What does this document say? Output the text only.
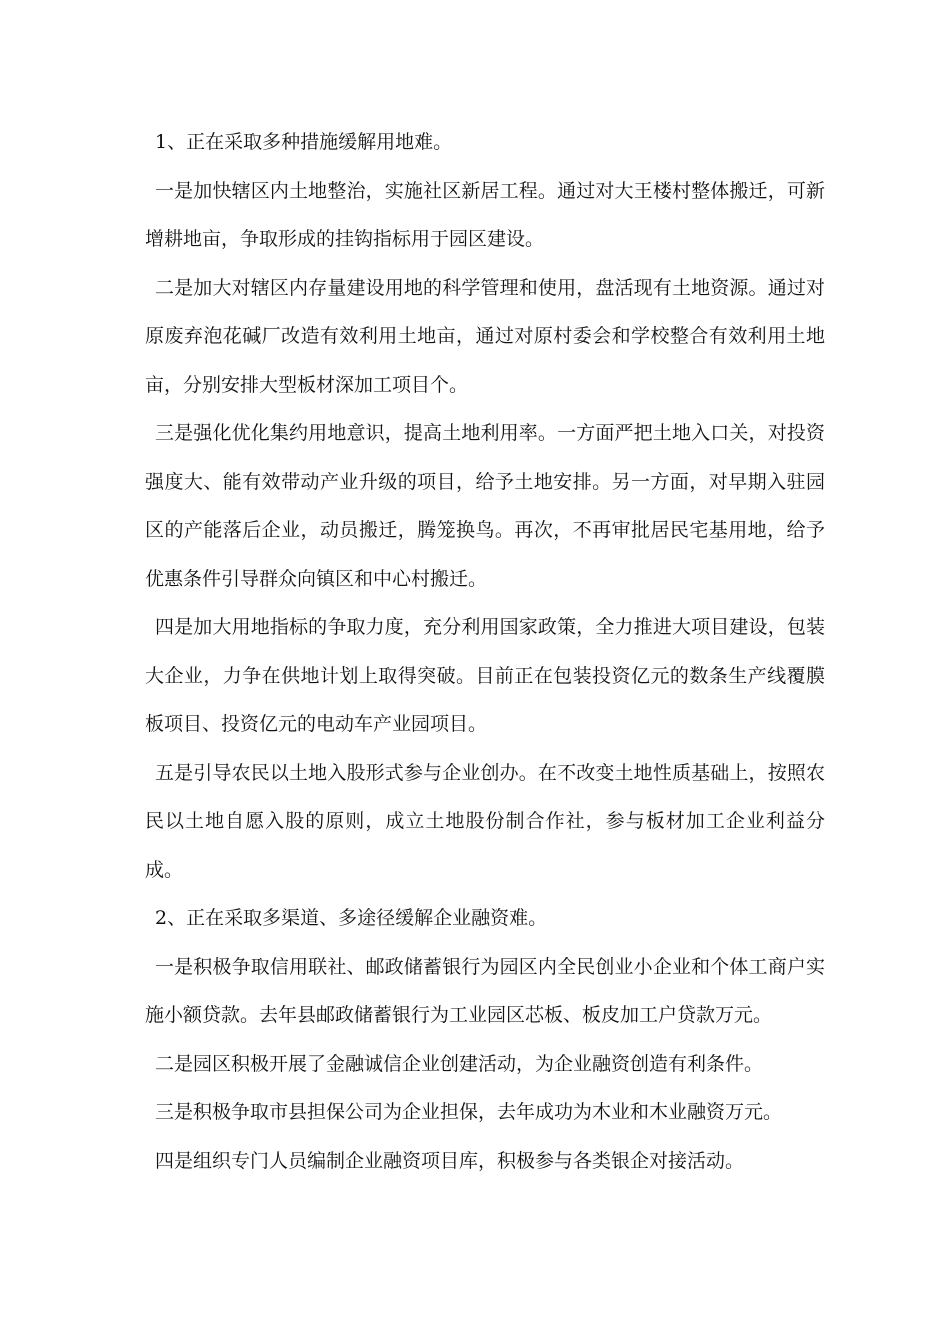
1、正在采取多种措施缓解用地难。

一是加快辖区内土地整治，实施社区新居工程。通过对大王楼村整体搬迁，可新增耕地亩，争取形成的挂钩指标用于园区建设。

二是加大对辖区内存量建设用地的科学管理和使用，盘活现有土地资源。通过对原废弃泡花碱厂改造有效利用土地亩，通过对原村委会和学校整合有效利用土地亩，分别安排大型板材深加工项目个。

三是强化优化集约用地意识，提高土地利用率。一方面严把土地入口关，对投资强度大、能有效带动产业升级的项目，给予土地安排。另一方面，对早期入驻园区的产能落后企业，动员搬迁，腾笼换鸟。再次，不再审批居民宅基用地，给予优惠条件引导群众向镇区和中心村搬迁。

四是加大用地指标的争取力度，充分利用国家政策，全力推进大项目建设，包装大企业，力争在供地计划上取得突破。目前正在包装投资亿元的数条生产线覆膜板项目、投资亿元的电动车产业园项目。

五是引导农民以土地入股形式参与企业创办。在不改变土地性质基础上，按照农民以土地自愿入股的原则，成立土地股份制合作社，参与板材加工企业利益分成。

2、正在采取多渠道、多途径缓解企业融资难。

一是积极争取信用联社、邮政储蓄银行为园区内全民创业小企业和个体工商户实施小额贷款。去年县邮政储蓄银行为工业园区芯板、板皮加工户贷款万元。

二是园区积极开展了金融诚信企业创建活动，为企业融资创造有利条件。

三是积极争取市县担保公司为企业担保，去年成功为木业和木业融资万元。

四是组织专门人员编制企业融资项目库，积极参与各类银企对接活动。
